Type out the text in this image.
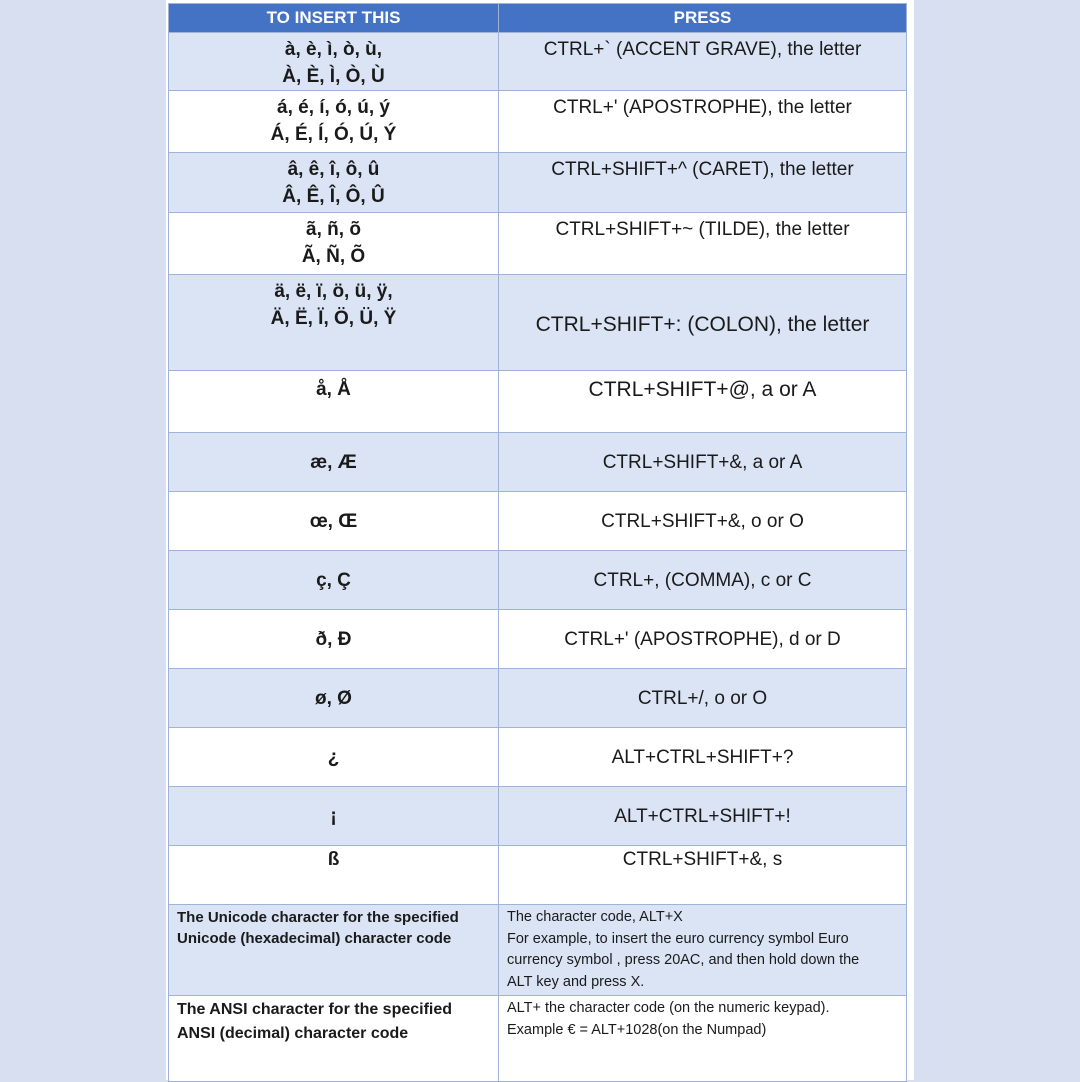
TO INSERT THIS	PRESS

à, è, ì, ò, ù,
À, È, Ì, Ò, Ù	CTRL+` (ACCENT GRAVE), the letter

á, é, í, ó, ú, ý
Á, É, Í, Ó, Ú, Ý	CTRL+' (APOSTROPHE), the letter

â, ê, î, ô, û
Â, Ê, Î, Ô, Û	CTRL+SHIFT+^ (CARET), the letter

ã, ñ, õ
Ã, Ñ, Õ	CTRL+SHIFT+~ (TILDE), the letter

ä, ë, ï, ö, ü, ÿ,
Ä, Ë, Ï, Ö, Ü, Ÿ	CTRL+SHIFT+: (COLON), the letter
å, Å	CTRL+SHIFT+@, a or A
æ, Æ	CTRL+SHIFT+&, a or A
œ, Œ	CTRL+SHIFT+&, o or O
ç, Ç	CTRL+, (COMMA), c or C
ð, Ð	CTRL+' (APOSTROPHE), d or D
ø, Ø	CTRL+/, o or O
¿	ALT+CTRL+SHIFT+?
¡	ALT+CTRL+SHIFT+!
ß	CTRL+SHIFT+&, s

The Unicode character for the specified
Unicode (hexadecimal) character code	The character code, ALT+X
For example, to insert the euro currency symbol Euro
currency symbol , press 20AC, and then hold down the
ALT key and press X.

The ANSI character for the specified
ANSI (decimal) character code	ALT+ the character code (on the numeric keypad).
Example € = ALT+1028(on the Numpad)
